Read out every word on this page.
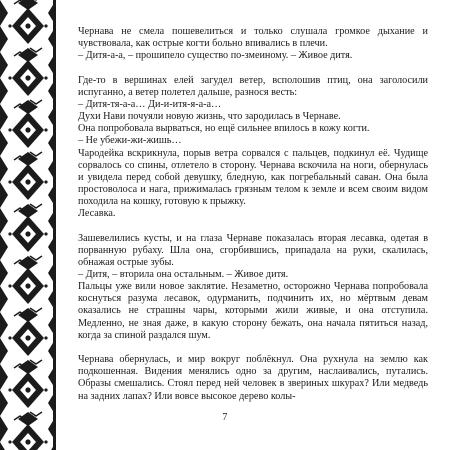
Чернава не смела пошевелиться и только слушала громкое дыхание и чувствовала, как острые когти больно впивались в плечи.

– Дитя-а-а, – прошипело существо по-змеиному. – Живое дитя.

Где-то в вершинах елей загудел ветер, всполошив птиц, она заголосили испуганно, а ветер полетел дальше, разнося весть:

– Дитя-тя-а-а… Ди-и-итя-я-а-а…

Духи Нави почуяли новую жизнь, что зародилась в Чернаве.

Она попробовала вырваться, но ещё сильнее впилось в кожу когти.

– Не убежи-жи-жишь…

Чародейка вскрикнула, порыв ветра сорвался с пальцев, подкинул её. Чудище сорвалось со спины, отлетело в сторону. Чернава вскочила на ноги, обернулась и увидела перед собой девушку, бледную, как погребальный саван. Она была простоволоса и нага, прижималась грязным телом к земле и всем своим видом походила на кошку, готовую к прыжку.

Лесавка.

Зашевелились кусты, и на глаза Чернаве показалась вторая лесавка, одетая в порванную рубаху. Шла она, сгорбившись, припадала на руки, скалилась, обнажая острые зубы.

– Дитя, – вторила она остальным. – Живое дитя.

Пальцы уже вили новое заклятие. Незаметно, осторожно Чернава попробовала коснуться разума лесавок, одурманить, подчинить их, но мёртвым девам оказались не страшны чары, которыми жили живые, и она отступила. Медленно, не зная даже, в какую сторону бежать, она начала пятиться назад, когда за спиной раздался шум.

Чернава обернулась, и мир вокруг поблёкнул. Она рухнула на землю как подкошенная. Видения менялись одно за другим, наслаивались, путались. Образы смешались. Стоял перед ней человек в звериных шкурах? Или медведь на задних лапах? Или вовсе высокое дерево колы-

7
